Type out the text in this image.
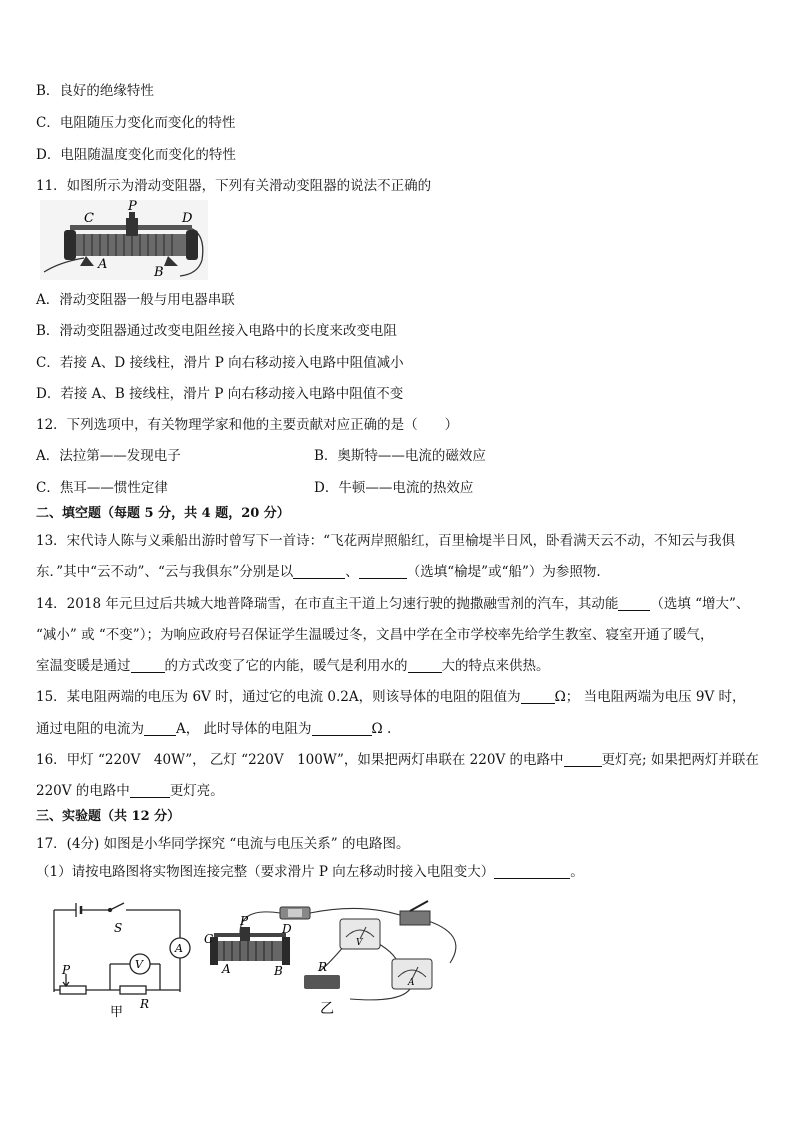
B．良好的绝缘特性
C．电阻随压力变化而变化的特性
D．电阻随温度变化而变化的特性
11．如图所示为滑动变阻器，下列有关滑动变阻器的说法不正确的
C
P
D
A
B
A．滑动变阻器一般与用电器串联
B．滑动变阻器通过改变电阻丝接入电路中的长度来改变电阻
C．若接 A、D 接线柱，滑片 P 向右移动接入电路中阻值减小
D．若接 A、B 接线柱，滑片 P 向右移动接入电路中阻值不变
12．下列选项中，有关物理学家和他的主要贡献对应正确的是（　　）
A．法拉第——发现电子	B．奥斯特——电流的磁效应
C．焦耳——惯性定律	D．牛顿——电流的热效应
二、填空题（每题 5 分，共 4 题，20 分）
13．宋代诗人陈与义乘船出游时曾写下一首诗：“飞花两岸照船红，百里榆堤半日风，卧看满天云不动，不知云与我俱
东．”其中“云不动”、“云与我俱东”分别是以	、	（选填“榆堤”或“船”）为参照物.
14．2018 年元旦过后共城大地普降瑞雪，在市直主干道上匀速行驶的抛撒融雪剂的汽车，其动能 （选填 “增大”、
“减小” 或 “不变”）；为响应政府号召保证学生温暖过冬，文昌中学在全市学校率先给学生教室、寝室开通了暖气，
室温变暖是通过	的方式改变了它的内能，暖气是利用水的	大的特点来供热。
15．某电阻两端的电压为 6V 时，通过它的电流 0.2A，则该导体的电阻的阻值为	Ω； 当电阻两端为电压 9V 时，
通过电阻的电流为 A， 此时导体的电阻为	Ω .
16．甲灯 “220V　40W”， 乙灯 “220V　100W”，如果把两灯串联在 220V 的电路中	更灯亮; 如果把两灯并联在
220V 的电路中	更灯亮。
三、实验题（共 12 分）
17．(4分) 如图是小华同学探究 “电流与电压关系” 的电路图。
（1）请按电路图将实物图连接完整（要求滑片 P 向左移动时接入电阻变大）	。
S
V
A
P
R
甲
C
P
D
A	B	R
V
A
乙
